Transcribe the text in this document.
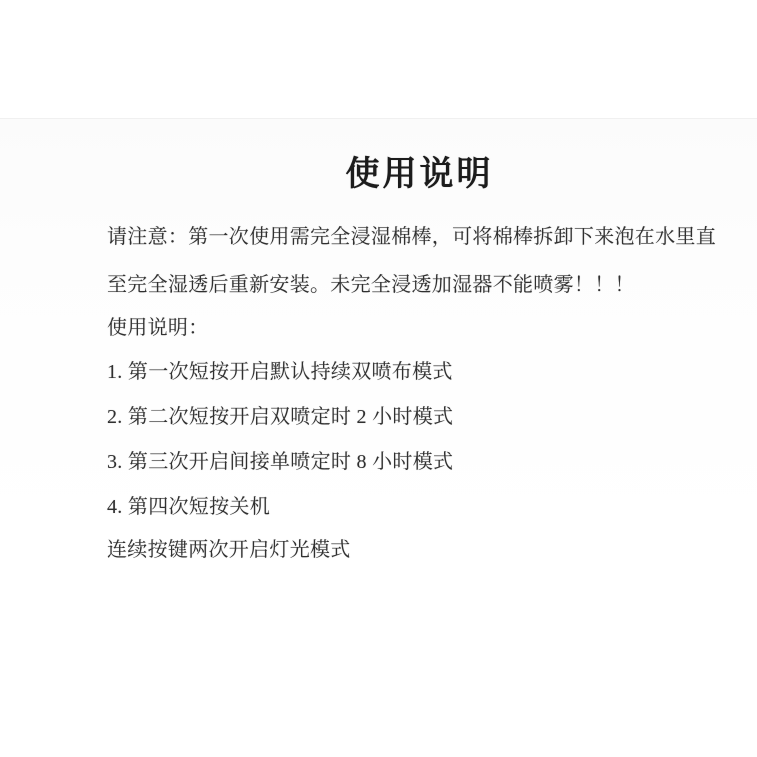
使用说明
请注意：第一次使用需完全浸湿棉棒，可将棉棒拆卸下来泡在水里直
至完全湿透后重新安装。未完全浸透加湿器不能喷雾！！！
使用说明：
1. 第一次短按开启默认持续双喷布模式
2. 第二次短按开启双喷定时 2 小时模式
3. 第三次开启间接单喷定时 8 小时模式
4. 第四次短按关机
连续按键两次开启灯光模式
